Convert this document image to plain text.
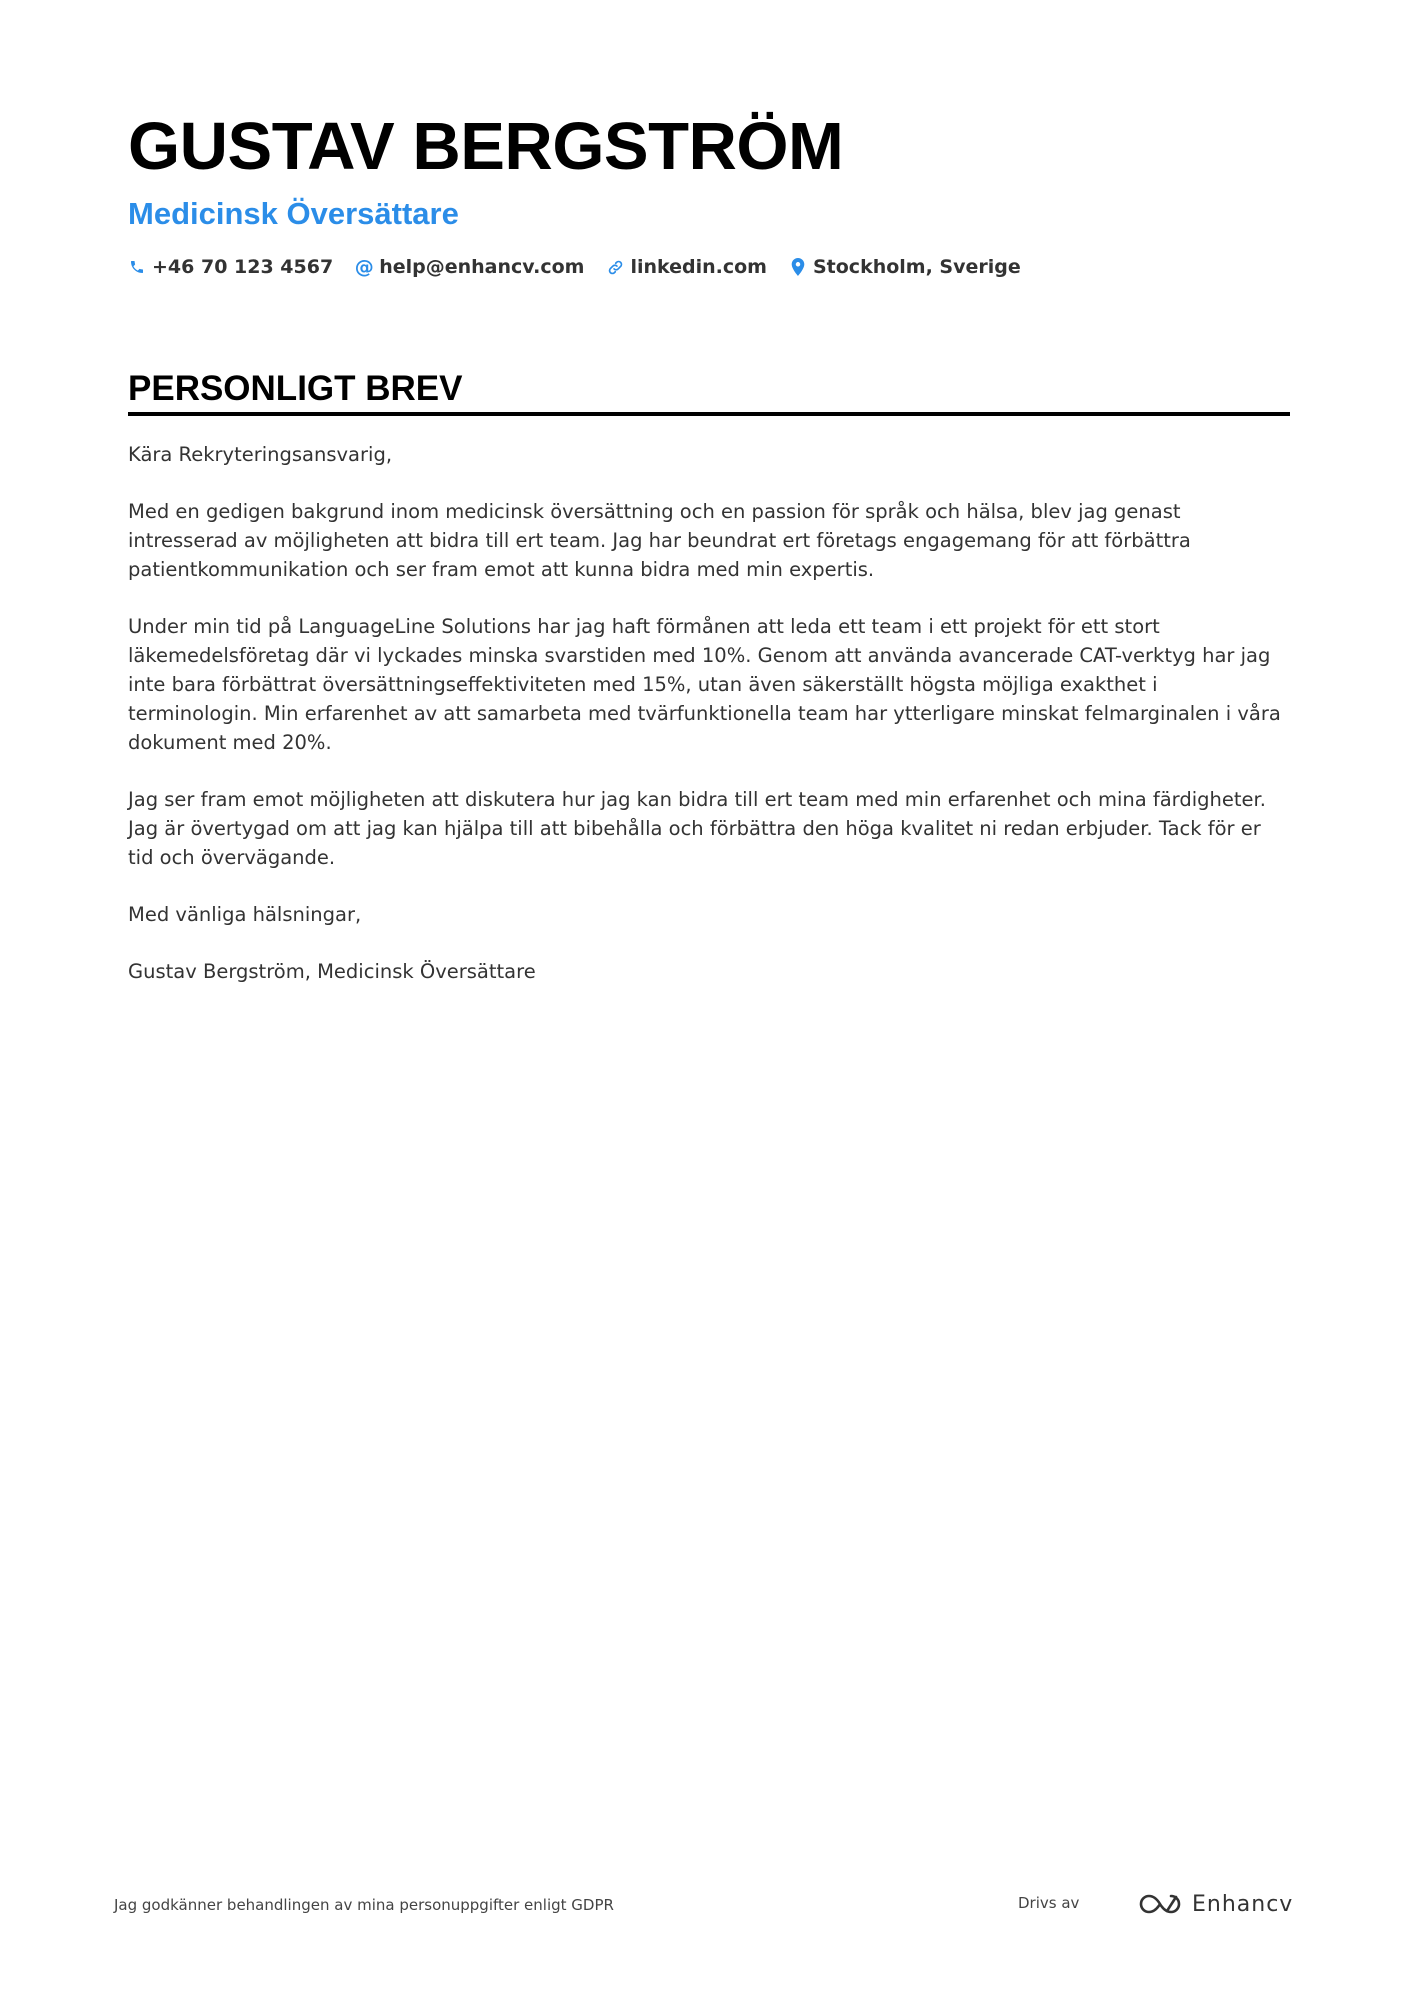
GUSTAV BERGSTRÖM
Medicinsk Översättare
+46 70 123 4567 @ help@enhancv.com linkedin.com Stockholm, Sverige
PERSONLIGT BREV

Kära Rekryteringsansvarig,

Med en gedigen bakgrund inom medicinsk översättning och en passion för språk och hälsa, blev jag genast intresserad av möjligheten att bidra till ert team. Jag har beundrat ert företags engagemang för att förbättra patientkommunikation och ser fram emot att kunna bidra med min expertis.

Under min tid på LanguageLine Solutions har jag haft förmånen att leda ett team i ett projekt för ett stort läkemedelsföretag där vi lyckades minska svarstiden med 10%. Genom att använda avancerade CAT-verktyg har jag inte bara förbättrat översättningseffektiviteten med 15%, utan även säkerställt högsta möjliga exakthet i terminologin. Min erfarenhet av att samarbeta med tvärfunktionella team har ytterligare minskat felmarginalen i våra dokument med 20%.

Jag ser fram emot möjligheten att diskutera hur jag kan bidra till ert team med min erfarenhet och mina färdigheter. Jag är övertygad om att jag kan hjälpa till att bibehålla och förbättra den höga kvalitet ni redan erbjuder. Tack för er tid och övervägande.

Med vänliga hälsningar,

Gustav Bergström, Medicinsk Översättare

Jag godkänner behandlingen av mina personuppgifter enligt GDPR	Drivs av	Enhancv
